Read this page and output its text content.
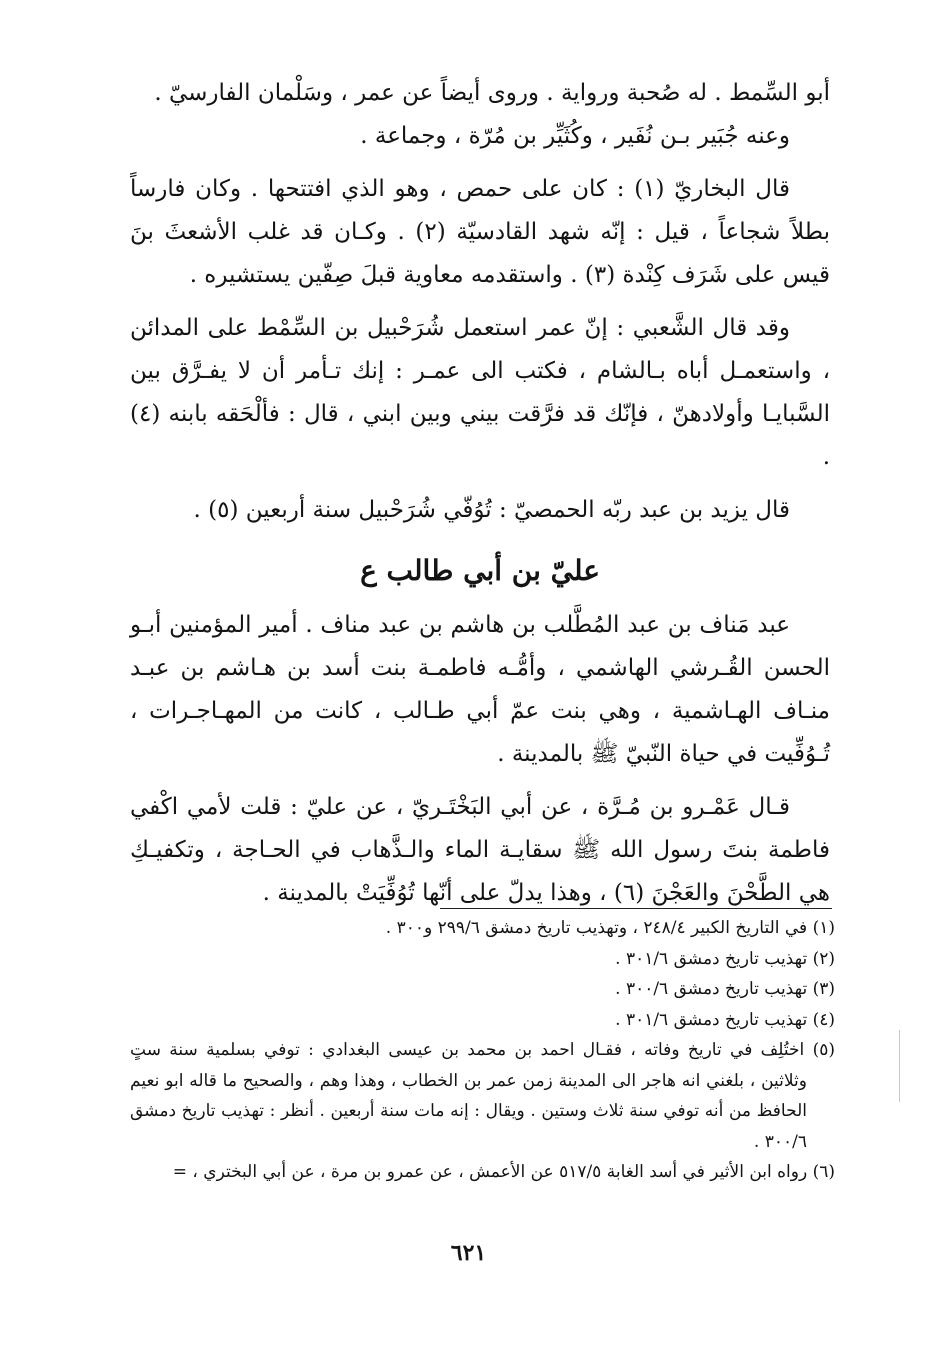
أبو السِّمط . له صُحبة ورواية . وروى أيضاً عن عمر ، وسَلْمان الفارسيّ .

وعنه جُبَير بـن نُفَير ، وكُثَيِّر بن مُرّة ، وجماعة .

قال البخاريّ (١) : كان على حمص ، وهو الذي افتتحها . وكان فارساً بطلاً شجاعاً ، قيل : إنّه شهد القادسيّة (٢) . وكـان قد غلب الأشعثَ بنَ قيس على شَرَف كِنْدة (٣) . واستقدمه معاوية قبلَ صِفّين يستشيره .

وقد قال الشَّعبي : إنّ عمر استعمل شُرَحْبيل بن السِّمْط على المدائن ، واستعمـل أباه بـالشام ، فكتب الى عمـر : إنك تـأمر أن لا يفـرَّق بين السَّبايـا وأولادهنّ ، فإنّك قد فرَّقت بيني وبين ابني ، قال : فألْحَقه بابنه (٤) .

قال يزيد بن عبد ربّه الحمصيّ : تُوُفّي شُرَحْبيل سنة أربعين (٥) .

عليّ بن أبي طالب ع

عبد مَناف بن عبد المُطَّلب بن هاشم بن عبد مناف . أمير المؤمنين أبـو الحسن القُـرشي الهاشمي ، وأمُّـه فاطمـة بنت أسد بن هـاشم بن عبـد منـاف الهـاشمية ، وهي بنت عمّ أبي طـالب ، كانت من المهـاجـرات ، تُـوُفِّيت في حياة النّبيّ ﷺ بالمدينة .

قـال عَمْـرو بن مُـرَّة ، عن أبي البَخْتَـريّ ، عن عليّ : قلت لأمي اكْفي فاطمة بنتَ رسول الله ﷺ سقايـة الماء والـذَّهاب في الحـاجة ، وتكفيـكِ هي الطَّحْنَ والعَجْنَ (٦) ، وهذا يدلّ على أنّها تُوُفِّيَتْ بالمدينة .

(١) في التاريخ الكبير ٢٤٨/٤ ، وتهذيب تاريخ دمشق ٢٩٩/٦ و٣٠٠ .

(٢) تهذيب تاريخ دمشق ٣٠١/٦ .

(٣) تهذيب تاريخ دمشق ٣٠٠/٦ .

(٤) تهذيب تاريخ دمشق ٣٠١/٦ .

(٥) اختُلِف في تاريخ وفاته ، فقـال احمد بن محمد بن عيسى البغدادي : توفي بسلمية سنة ستٍ وثلاثين ، بلغني انه هاجر الى المدينة زمن عمر بن الخطاب ، وهذا وهم ، والصحيح ما قاله ابو نعيم الحافظ من أنه توفي سنة ثلاث وستين . ويقال : إنه مات سنة أربعين . أنظر : تهذيب تاريخ دمشق ٣٠٠/٦ .

(٦) رواه ابن الأثير في أسد الغابة ٥١٧/٥ عن الأعمش ، عن عمرو بن مرة ، عن أبي البختري ، =

٦٢١
